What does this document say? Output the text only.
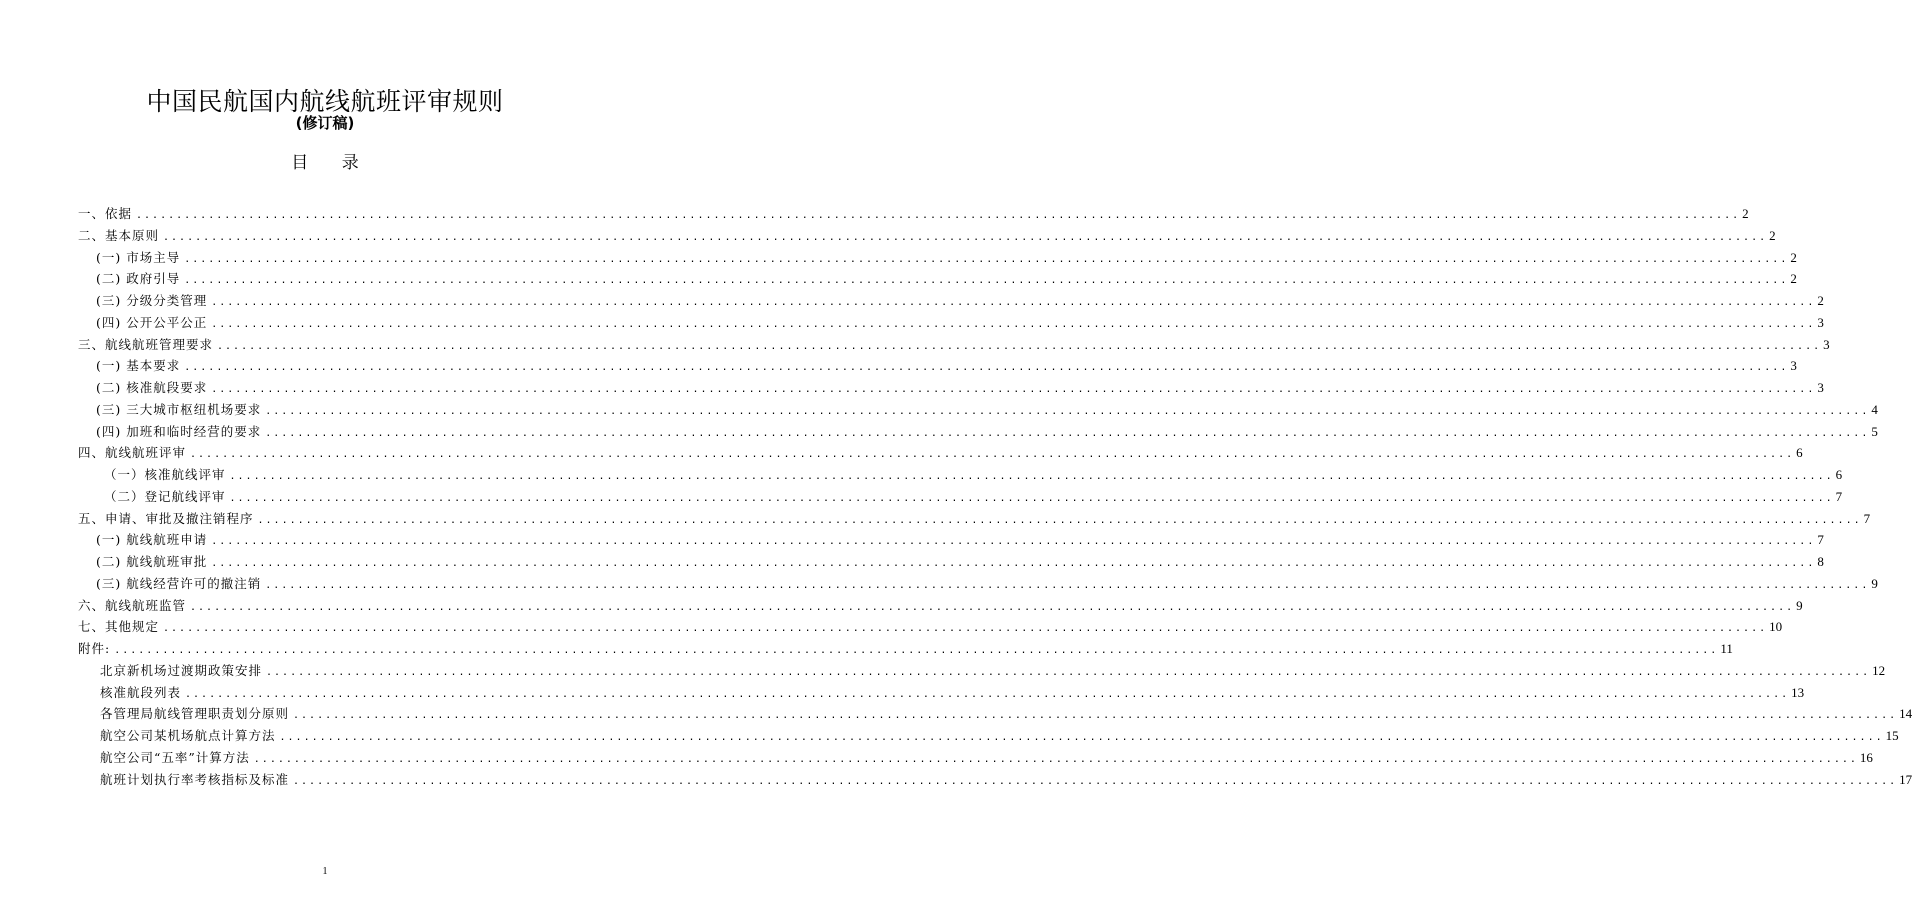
中国民航国内航线航班评审规则
(修订稿)
目 录
一、依据 ........................................................................................................................................................................................................ 2
二、基本原则 ........................................................................................................................................................................................................ 2
(一) 市场主导 ........................................................................................................................................................................................................ 2
(二) 政府引导 ........................................................................................................................................................................................................ 2
(三) 分级分类管理 ........................................................................................................................................................................................................ 2
(四) 公开公平公正 ........................................................................................................................................................................................................ 3
三、航线航班管理要求 ........................................................................................................................................................................................................ 3
(一) 基本要求 ........................................................................................................................................................................................................ 3
(二) 核准航段要求 ........................................................................................................................................................................................................ 3
(三) 三大城市枢纽机场要求 ........................................................................................................................................................................................................ 4
(四) 加班和临时经营的要求 ........................................................................................................................................................................................................ 5
四、航线航班评审 ........................................................................................................................................................................................................ 6
（一）核准航线评审 ........................................................................................................................................................................................................ 6
（二）登记航线评审 ........................................................................................................................................................................................................ 7
五、申请、审批及撤注销程序 ........................................................................................................................................................................................................ 7
(一) 航线航班申请 ........................................................................................................................................................................................................ 7
(二) 航线航班审批 ........................................................................................................................................................................................................ 8
(三) 航线经营许可的撤注销 ........................................................................................................................................................................................................ 9
六、航线航班监管 ........................................................................................................................................................................................................ 9
七、其他规定 ........................................................................................................................................................................................................ 10
附件: ........................................................................................................................................................................................................ 11
北京新机场过渡期政策安排 ........................................................................................................................................................................................................ 12
核准航段列表 ........................................................................................................................................................................................................ 13
各管理局航线管理职责划分原则 ........................................................................................................................................................................................................ 14
航空公司某机场航点计算方法 ........................................................................................................................................................................................................ 15
航空公司“五率”计算方法 ........................................................................................................................................................................................................ 16
航班计划执行率考核指标及标准 ........................................................................................................................................................................................................ 17
1
